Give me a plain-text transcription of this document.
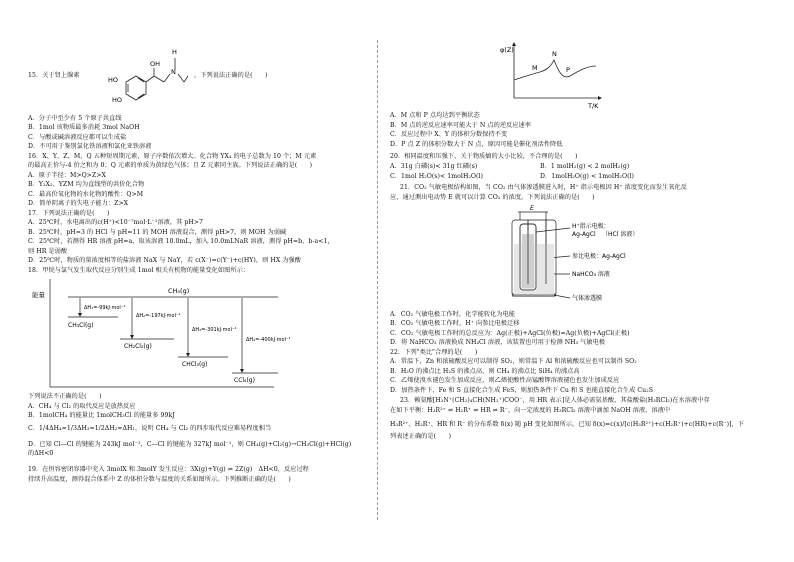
15．关于肾上腺素
HO
HO
OH
N
H
，下列说法正确的是(　　)
A．分子中至少有 5 个原子共直线
B．1mol 该物质最多消耗 3mol NaOH
C．与酸或碱溶液反应都可以生成盐
D．不可用于鉴别氯化铁溶液和氯化亚铁溶液
16．X、Y、Z、M、Q 五种短周期元素，原子序数依次增大。化合物 YX₄ 的电子总数为 10 个；M 元素
的最高正价与-4 价之和为 0；Q 元素的单质为黄绿色气体；且 Z 元素同主族。下列说法正确的是(　　)
A．原子半径：M>Q>Z>X
B．Y₂X₂、YZM 均为直线型的共价化合物
C．最高价氧化物的水化物的酸性：Q>M
D．简单阴离子的失电子能力：Z>X
17．下列说法正确的是(　　)
A．25℃时，水电离出的c(H⁺)<10⁻⁷mol·L⁻¹溶液，其 pH>7
B．25℃时，pH=3 的 HCl 与 pH=11 的 MOH 溶液混合，测得 pH>7，则 MOH 为弱碱
C．25℃时，若测得 HR 溶液 pH=a，取该溶液 10.0mL，加入 10.0mLNaR 溶液，测得 pH=b，b-a<1，
则 HR 是弱酸
D．25℃时，物质的量浓度相等的盐溶液 NaX 与 NaY，若 c(X⁻)=c(Y⁻)+c(HY)，则 HX 为强酸
18．甲烷与氯气发生取代反应分别生成 1mol 相关有机物的能量变化如图所示：
能量	CH₄(g)
ΔH₁=-99kJ·mol⁻¹
ΔH₂=-197kJ·mol⁻¹
ΔH₃=-301kJ·mol⁻¹
ΔH₄=-400kJ·mol⁻¹
CH₃Cl(g)
CH₂Cl₂(g)
CHCl₃(g)
CCl₄(g)
下列说法不正确的是(　　)
A．CH₄ 与 Cl₂ 的取代反应是放热反应
B．1molCH₄ 的能量比 1molCH₃Cl 的能量多 99kJ
C．1/4ΔH₄≈1/3ΔH₃≈1/2ΔH₂≈ΔH₁，说明 CH₄ 与 Cl₂ 的四步取代反应难易程度相当
D．已知 Cl—Cl 的键能为 243kJ mol⁻¹，C—Cl 的键能为 327kJ mol⁻¹，则 CH₄(g)+Cl₂(g)→CH₃Cl(g)+HCl(g)
的ΔH<0
19．在恒容密闭容器中充入 3molX 和 3molY 发生反应：3X(g)+Y(g) ⇌ 2Z(g)　ΔH<0，反应过程
持续升高温度，测得混合体系中 Z 的体积分数与温度的关系如图所示。下列推断正确的是(　　)
φ(Z)
T/K
M
N
P
A．M 点和 P 点均达到平衡状态
B．M 点的逆反应速率可能大于 N 点的逆反应速率
C．反应过程中 X、Y 的体积分数保持不变
D．P 点 Z 的体积分数大于 N 点，原因可能是催化剂活性降低
20．相同温度和压强下，关于物质熵的大小比较，不合理的是(　　)
A．31g 白磷(s)< 31g 红磷(s)	B．1 molH₂(g) < 2 molH₂(g)
C．1mol H₂O(s)< 1molH₂O(l)	D．1molH₂O(g) < 1molH₂O(l)
21．CO₂ 气敏电极结构如图，当 CO₂ 由气体渗透膜进入时，H⁺ 指示电极因 H⁺ 浓度变化而发生氧化反
应，通过测出电动势 E 就可以计算 CO₂ 的浓度。下列说法正确的是(　　)
E
H⁺指示电极：
Ag-AgCl （HCl 溶液）
参比电极：Ag-AgCl
NaHCO₃ 溶液
气体渗透膜
A．CO₂ 气敏电极工作时，化学能转化为电能
B．CO₂ 气敏电极工作时，H⁺ 向参比电极迁移
C．CO₂ 气敏电极工作时的总反应为：Ag(正极)+AgCl(负极)=Ag(负极)+AgCl(正极)
D．将 NaHCO₃ 溶液换成 NH₄Cl 溶液，该装置也可用于检测 NH₃ 气敏电极
22．下列"类比"合理的是(　　)
A．常温下，Zn 和浓硫酸反应可以制得 SO₂，则常温下 Al 和浓硫酸反应也可以制得 SO₂
B．H₂O 的沸点比 H₂S 的沸点高，则 CH₄ 的沸点比 SiH₄ 的沸点高
C．乙烯使溴水褪色发生加成反应，则乙烯使酸性高锰酸钾溶液褪色也发生加成反应
D．加热条件下，Fe 和 S 直接化合生成 FeS，则加热条件下 Cu 和 S 也能直接化合生成 Cu₂S
23．赖氨酸[H₃N⁺(CH₂)₄CH(NH₂⁺)COO⁻，用 HR 表示]是人体必需氨基酸，其盐酸盐(H₃RCl₂)在水溶液中存
在如下平衡：H₃R²⁺ ⇌ H₂R⁺ ⇌ HR ⇌ R⁻，向一定浓度的 H₃RCl₂ 溶液中滴加 NaOH 溶液，溶液中
H₃R²⁺、H₂R⁺、HR 和 R⁻ 的分布系数 δ(x) 随 pH 变化如图所示。已知 δ(x)=c(x)/[c(H₃R²⁺)+c(H₂R⁺)+c(HR)+c(R⁻)]，下
列表述正确的是(　　)
